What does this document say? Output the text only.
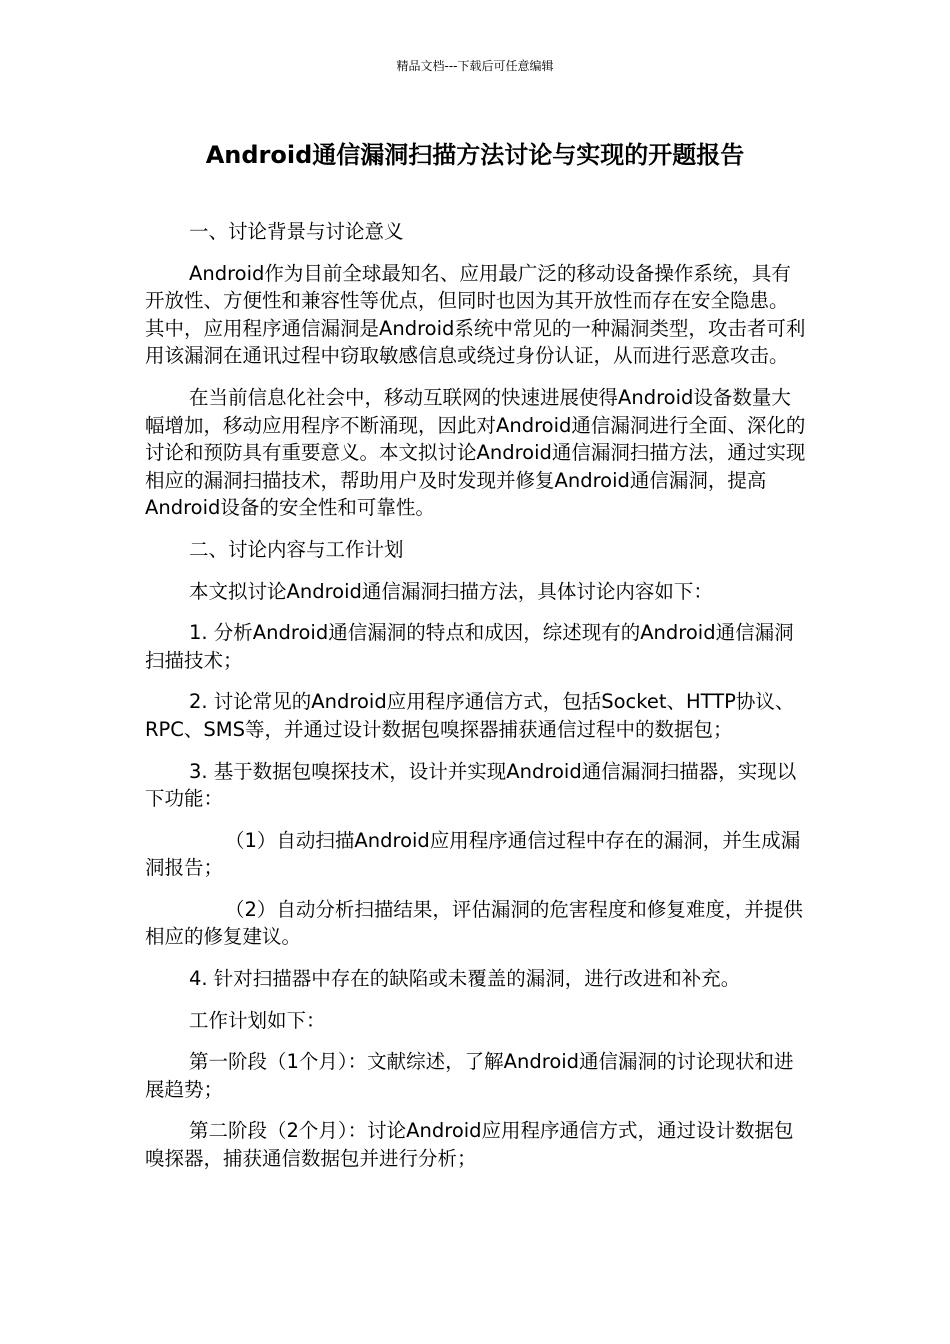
精品文档---下载后可任意编辑
Android通信漏洞扫描方法讨论与实现的开题报告

一、讨论背景与讨论意义

Android作为目前全球最知名、应用最广泛的移动设备操作系统，具有开放性、方便性和兼容性等优点，但同时也因为其开放性而存在安全隐患。其中，应用程序通信漏洞是Android系统中常见的一种漏洞类型，攻击者可利用该漏洞在通讯过程中窃取敏感信息或绕过身份认证，从而进行恶意攻击。

在当前信息化社会中，移动互联网的快速进展使得Android设备数量大幅增加，移动应用程序不断涌现，因此对Android通信漏洞进行全面、深化的讨论和预防具有重要意义。本文拟讨论Android通信漏洞扫描方法，通过实现相应的漏洞扫描技术，帮助用户及时发现并修复Android通信漏洞，提高Android设备的安全性和可靠性。

二、讨论内容与工作计划

本文拟讨论Android通信漏洞扫描方法，具体讨论内容如下：

1. 分析Android通信漏洞的特点和成因，综述现有的Android通信漏洞扫描技术；

2. 讨论常见的Android应用程序通信方式，包括Socket、HTTP协议、RPC、SMS等，并通过设计数据包嗅探器捕获通信过程中的数据包；

3. 基于数据包嗅探技术，设计并实现Android通信漏洞扫描器，实现以下功能：

（1）自动扫描Android应用程序通信过程中存在的漏洞，并生成漏洞报告；

（2）自动分析扫描结果，评估漏洞的危害程度和修复难度，并提供相应的修复建议。

4. 针对扫描器中存在的缺陷或未覆盖的漏洞，进行改进和补充。

工作计划如下：

第一阶段（1个月）：文献综述，了解Android通信漏洞的讨论现状和进展趋势；

第二阶段（2个月）：讨论Android应用程序通信方式，通过设计数据包嗅探器，捕获通信数据包并进行分析；
